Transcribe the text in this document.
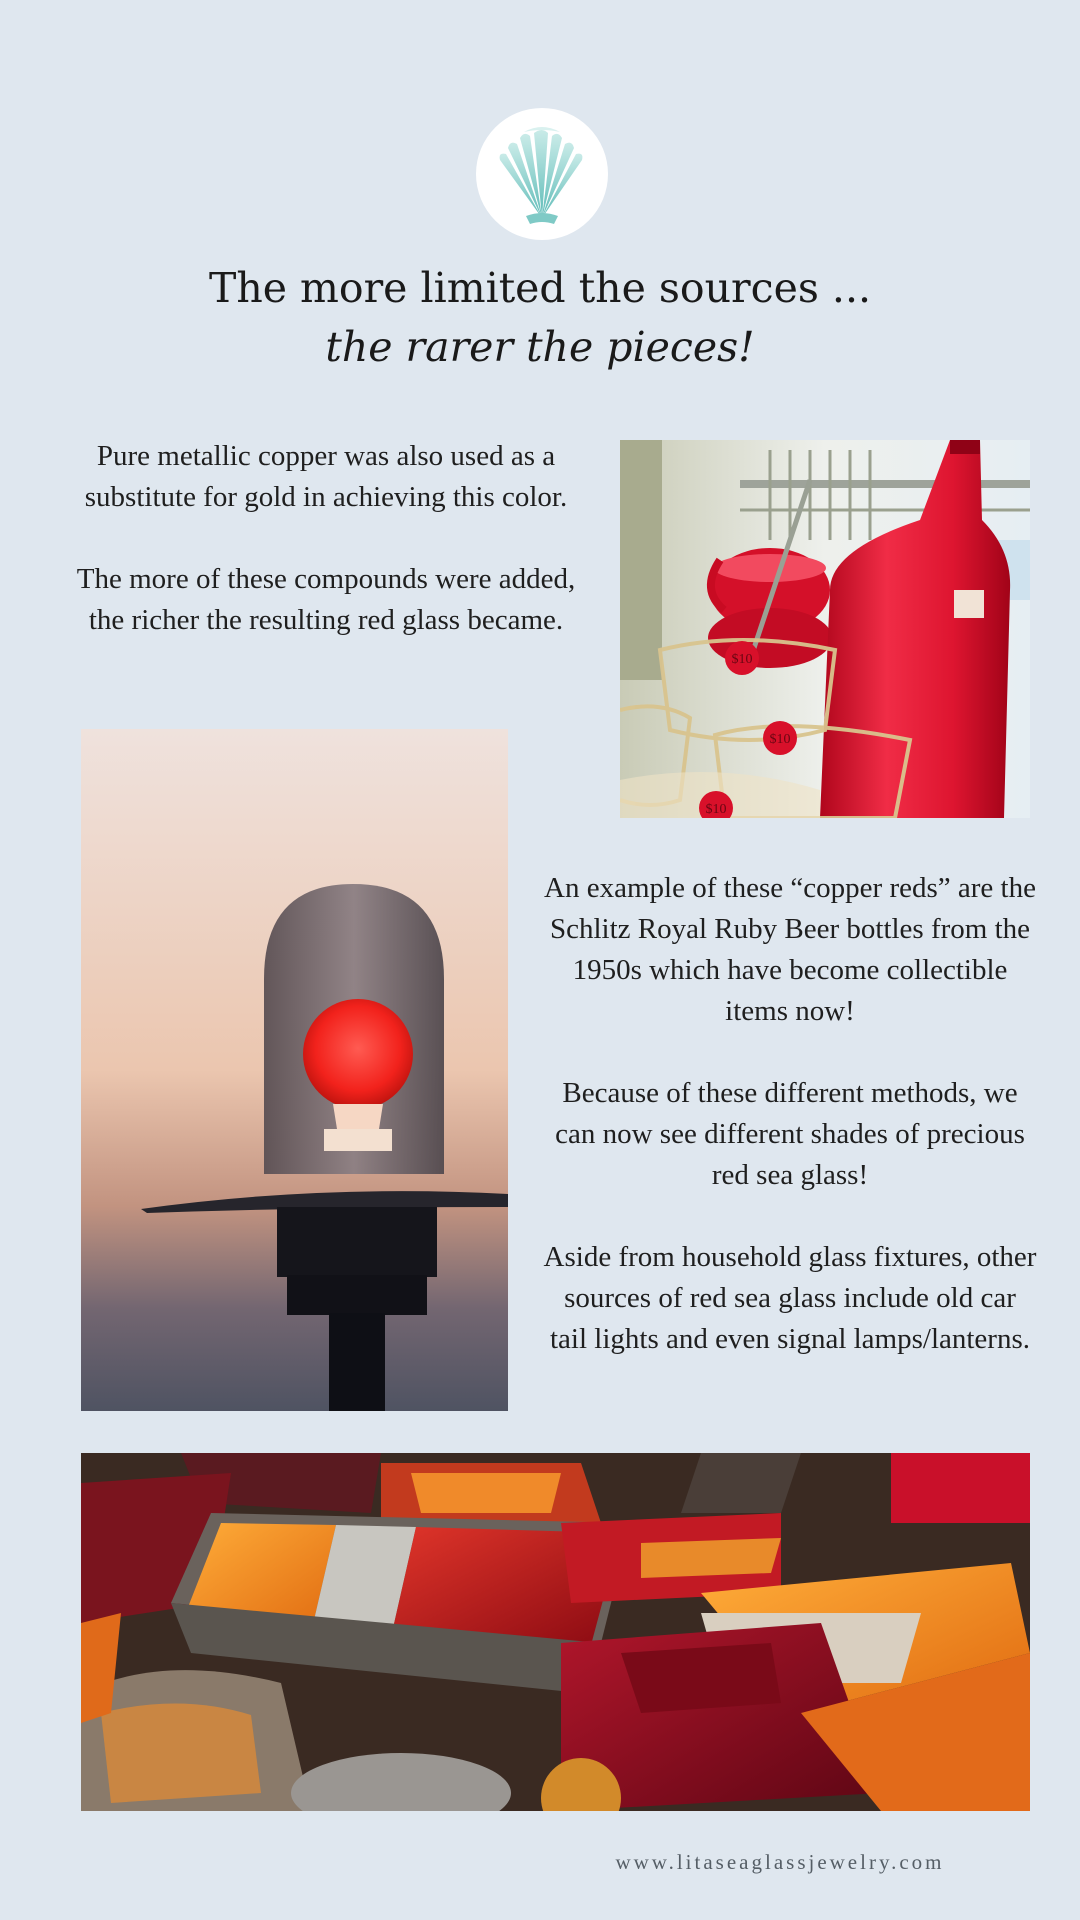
The more limited the sources ...
the rarer the pieces!

Pure metallic copper was also used as a substitute for gold in achieving this color.

The more of these compounds were added, the richer the resulting red glass became.

$10
$10
$10

An example of these “copper reds” are the Schlitz Royal Ruby Beer bottles from the 1950s which have become collectible items now!

Because of these different methods, we can now see different shades of precious red sea glass!

Aside from household glass fixtures, other sources of red sea glass include old car tail lights and even signal lamps/lanterns.

www.litaseaglassjewelry.com
